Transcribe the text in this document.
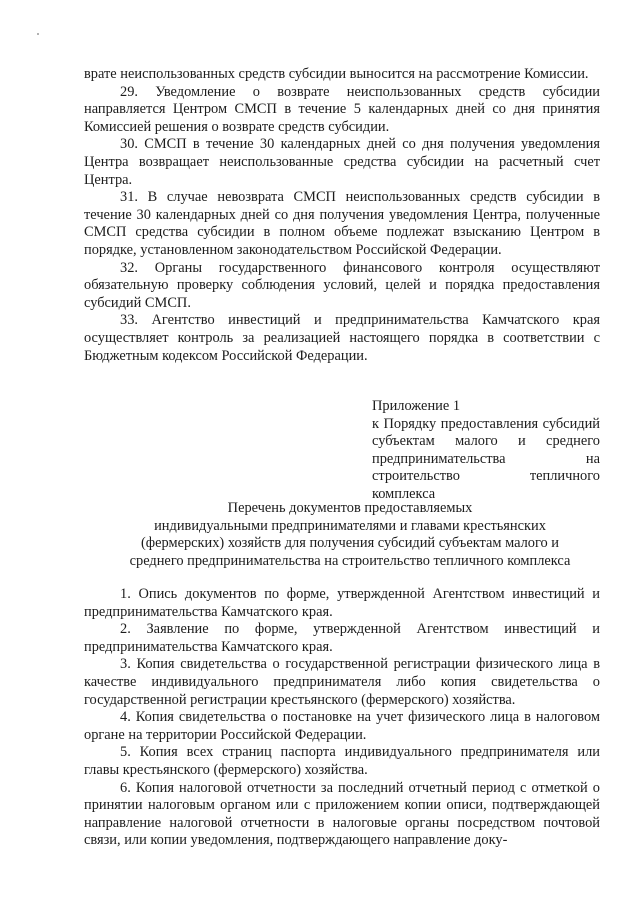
врате неиспользованных средств субсидии выносится на рассмотрение Комиссии.

29. Уведомление о возврате неиспользованных средств субсидии направляется Центром СМСП в течение 5 календарных дней со дня принятия Комиссией решения о возврате средств субсидии.

30. СМСП в течение 30 календарных дней со дня получения уведомления Центра возвращает неиспользованные средства субсидии на расчетный счет Центра.

31. В случае невозврата СМСП неиспользованных средств субсидии в течение 30 календарных дней со дня получения уведомления Центра, полученные СМСП средства субсидии в полном объеме подлежат взысканию Центром в порядке, установленном законодательством Российской Федерации.

32. Органы государственного финансового контроля осуществляют обязательную проверку соблюдения условий, целей и порядка предоставления субсидий СМСП.

33. Агентство инвестиций и предпринимательства Камчатского края осуществляет контроль за реализацией настоящего порядка в соответствии с Бюджетным кодексом Российской Федерации.

Приложение 1
к Порядку предоставления субсидий субъектам малого и среднего предпринимательства на строительство тепличного комплекса
Перечень документов предоставляемых
индивидуальными предпринимателями и главами крестьянских
(фермерских) хозяйств для получения субсидий субъектам малого и
среднего предпринимательства на строительство тепличного комплекса

1. Опись документов по форме, утвержденной Агентством инвестиций и предпринимательства Камчатского края.

2. Заявление по форме, утвержденной Агентством инвестиций и предпринимательства Камчатского края.

3. Копия свидетельства о государственной регистрации физического лица в качестве индивидуального предпринимателя либо копия свидетельства о государственной регистрации крестьянского (фермерского) хозяйства.

4. Копия свидетельства о постановке на учет физического лица в налоговом органе на территории Российской Федерации.

5. Копия всех страниц паспорта индивидуального предпринимателя или главы крестьянского (фермерского) хозяйства.

6. Копия налоговой отчетности за последний отчетный период с отметкой о принятии налоговым органом или с приложением копии описи, подтверждающей направление налоговой отчетности в налоговые органы посредством почтовой связи, или копии уведомления, подтверждающего направление доку-
